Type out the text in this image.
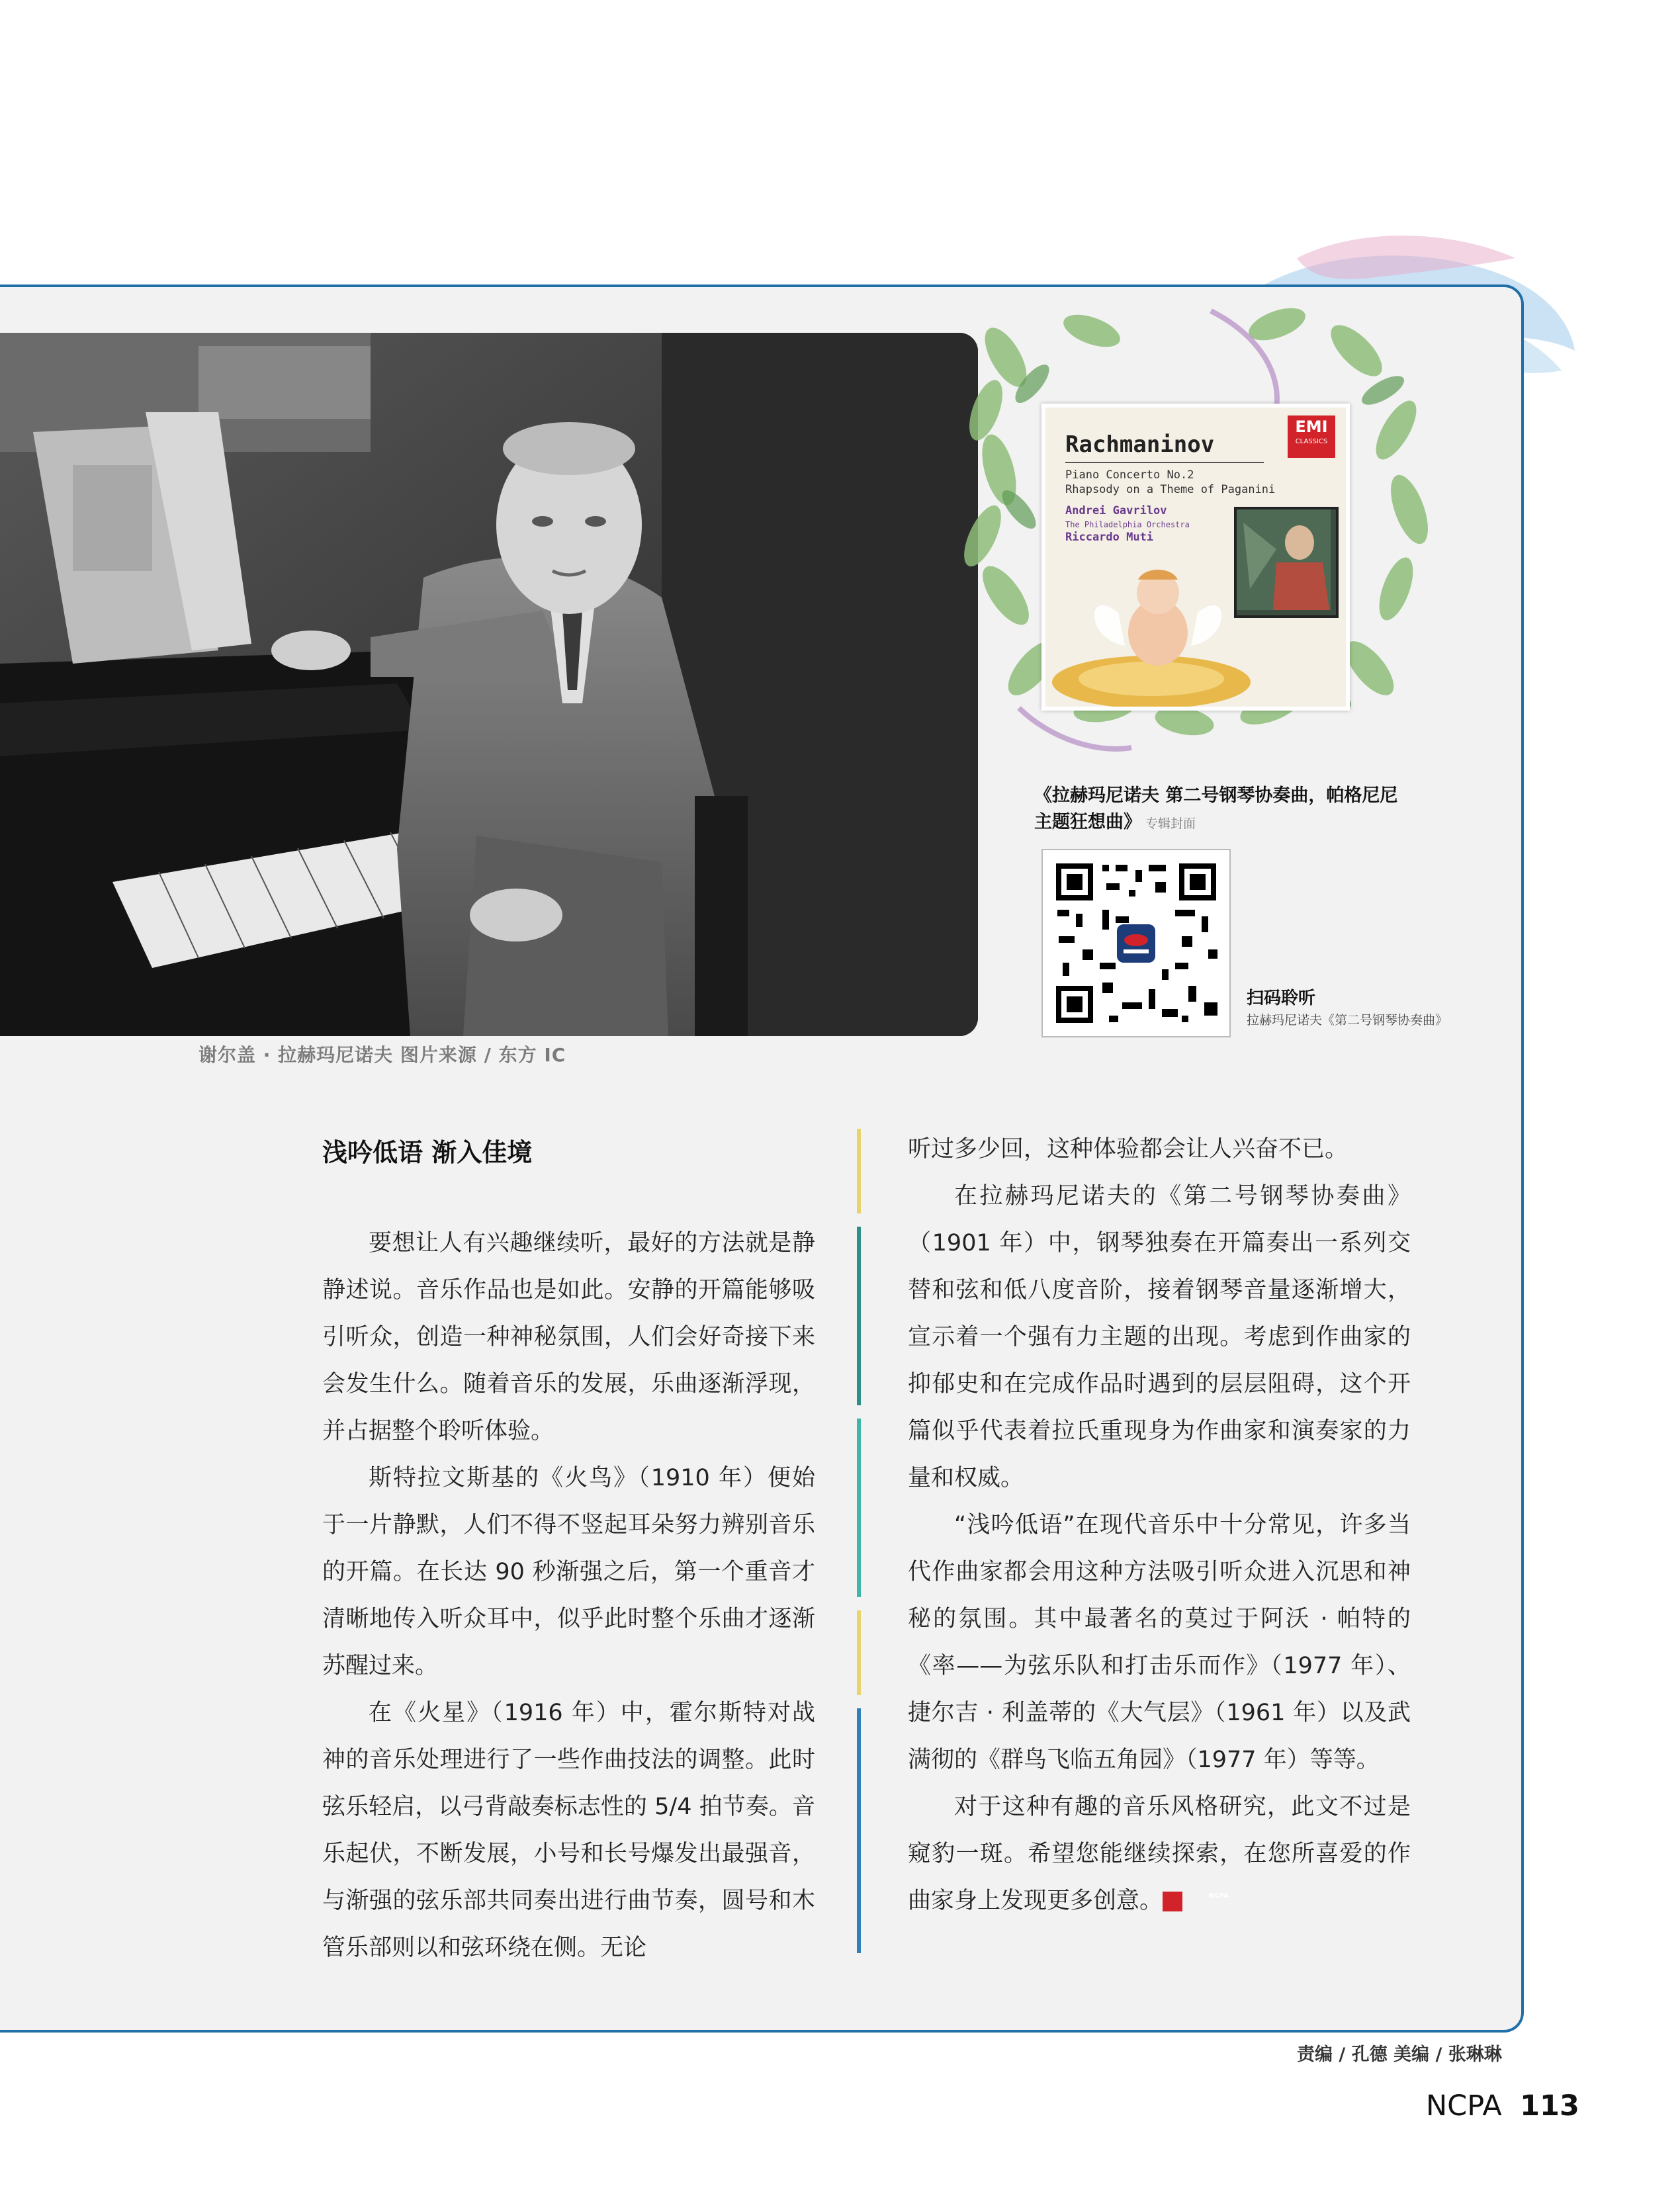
谢尔盖 · 拉赫玛尼诺夫 图片来源 / 东方 IC
Rachmaninov
Piano Concerto No.2
Rhapsody on a Theme of Paganini
Andrei Gavrilov
The Philadelphia Orchestra
Riccardo Muti
EMI
CLASSICS
《拉赫玛尼诺夫 第二号钢琴协奏曲，帕格尼尼
主题狂想曲》 专辑封面
扫码聆听
拉赫玛尼诺夫《第二号钢琴协奏曲》
浅吟低语 渐入佳境

要想让人有兴趣继续听，最好的方法就是静静述说。音乐作品也是如此。安静的开篇能够吸引听众，创造一种神秘氛围，人们会好奇接下来会发生什么。随着音乐的发展，乐曲逐渐浮现，并占据整个聆听体验。

斯特拉文斯基的《火鸟》（1910 年）便始于一片静默，人们不得不竖起耳朵努力辨别音乐的开篇。在长达 90 秒渐强之后，第一个重音才清晰地传入听众耳中，似乎此时整个乐曲才逐渐苏醒过来。

在《火星》（1916 年）中，霍尔斯特对战神的音乐处理进行了一些作曲技法的调整。此时弦乐轻启，以弓背敲奏标志性的 5/4 拍节奏。音乐起伏，不断发展，小号和长号爆发出最强音，与渐强的弦乐部共同奏出进行曲节奏，圆号和木管乐部则以和弦环绕在侧。无论

听过多少回，这种体验都会让人兴奋不已。

在拉赫玛尼诺夫的《第二号钢琴协奏曲》（1901 年）中，钢琴独奏在开篇奏出一系列交替和弦和低八度音阶，接着钢琴音量逐渐增大，宣示着一个强有力主题的出现。考虑到作曲家的抑郁史和在完成作品时遇到的层层阻碍，这个开篇似乎代表着拉氏重现身为作曲家和演奏家的力量和权威。

“浅吟低语”在现代音乐中十分常见，许多当代作曲家都会用这种方法吸引听众进入沉思和神秘的氛围。其中最著名的莫过于阿沃 · 帕特的《率——为弦乐队和打击乐而作》（1977 年）、捷尔吉 · 利盖蒂的《大气层》（1961 年）以及武满彻的《群鸟飞临五角园》（1977 年）等等。

对于这种有趣的音乐风格研究，此文不过是窥豹一斑。希望您能继续探索，在您所喜爱的作曲家身上发现更多创意。	NCPA

责编 / 孔德 美编 / 张琳琳
NCPA 113
